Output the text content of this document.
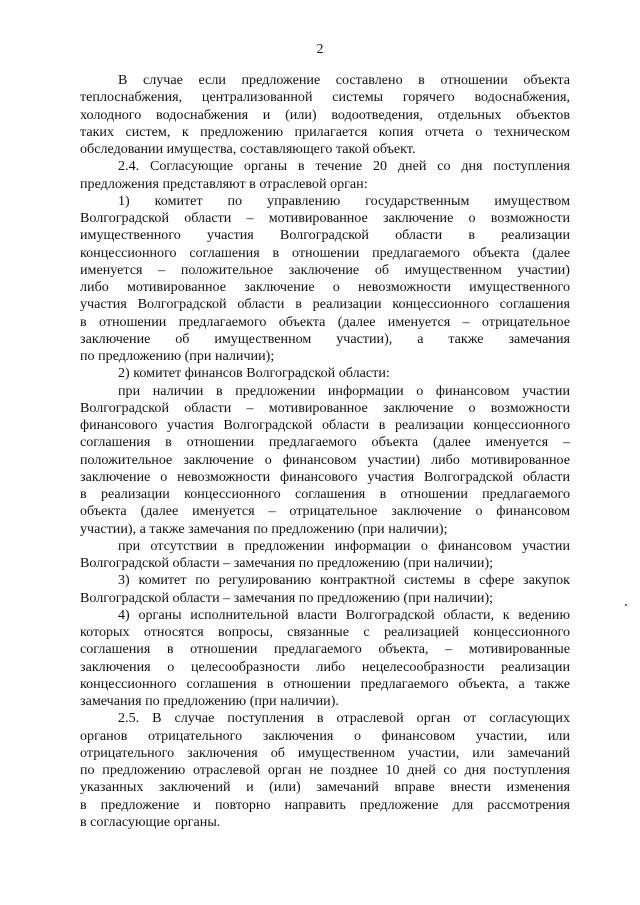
2
В случае если предложение составлено в отношении объекта
теплоснабжения, централизованной системы горячего водоснабжения,
холодного водоснабжения и (или) водоотведения, отдельных объектов
таких систем, к предложению прилагается копия отчета о техническом
обследовании имущества, составляющего такой объект.
2.4. Согласующие органы в течение 20 дней со дня поступления
предложения представляют в отраслевой орган:
1) комитет по управлению государственным имуществом
Волгоградской области – мотивированное заключение о возможности
имущественного участия Волгоградской области в реализации
концессионного соглашения в отношении предлагаемого объекта (далее
именуется – положительное заключение об имущественном участии)
либо мотивированное заключение о невозможности имущественного
участия Волгоградской области в реализации концессионного соглашения
в отношении предлагаемого объекта (далее именуется – отрицательное
заключение об имущественном участии), а также замечания
по предложению (при наличии);
2) комитет финансов Волгоградской области:
при наличии в предложении информации о финансовом участии
Волгоградской области – мотивированное заключение о возможности
финансового участия Волгоградской области в реализации концессионного
соглашения в отношении предлагаемого объекта (далее именуется –
положительное заключение о финансовом участии) либо мотивированное
заключение о невозможности финансового участия Волгоградской области
в реализации концессионного соглашения в отношении предлагаемого
объекта (далее именуется – отрицательное заключение о финансовом
участии), а также замечания по предложению (при наличии);
при отсутствии в предложении информации о финансовом участии
Волгоградской области – замечания по предложению (при наличии);
3) комитет по регулированию контрактной системы в сфере закупок
Волгоградской области – замечания по предложению (при наличии);
4) органы исполнительной власти Волгоградской области, к ведению
которых относятся вопросы, связанные с реализацией концессионного
соглашения в отношении предлагаемого объекта, – мотивированные
заключения о целесообразности либо нецелесообразности реализации
концессионного соглашения в отношении предлагаемого объекта, а также
замечания по предложению (при наличии).
2.5. В случае поступления в отраслевой орган от согласующих
органов отрицательного заключения о финансовом участии, или
отрицательного заключения об имущественном участии, или замечаний
по предложению отраслевой орган не позднее 10 дней со дня поступления
указанных заключений и (или) замечаний вправе внести изменения
в предложение и повторно направить предложение для рассмотрения
в согласующие органы.
